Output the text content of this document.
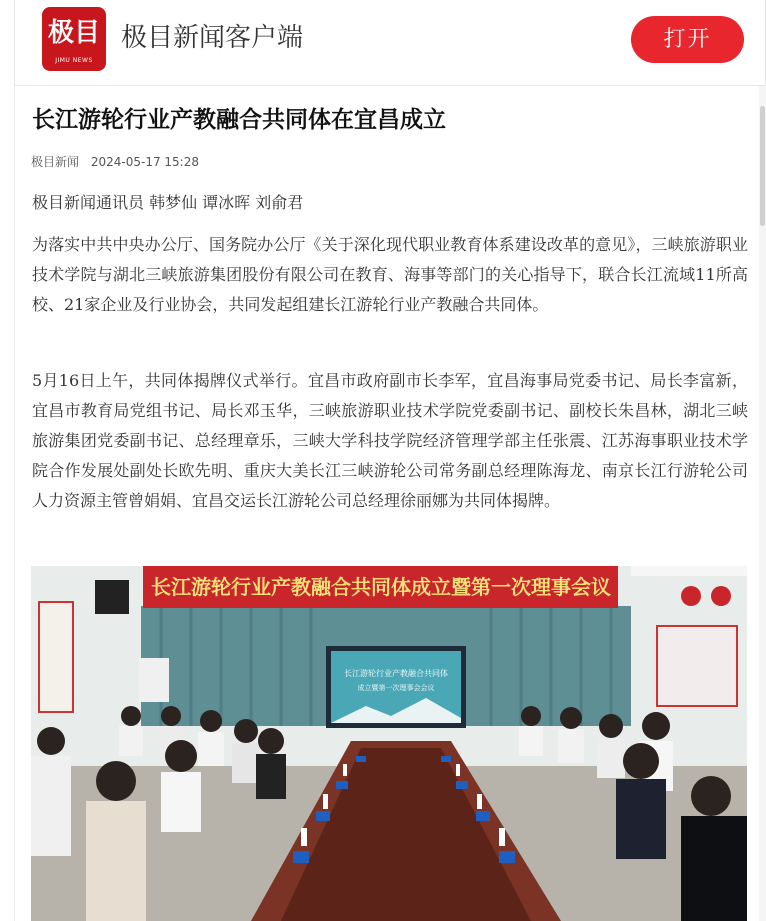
极目
JIMU NEWS
极目新闻客户端	打开
长江游轮行业产教融合共同体在宜昌成立
极目新闻 2024-05-17 15:28
极目新闻通讯员 韩梦仙 谭冰晖 刘俞君

为落实中共中央办公厅、国务院办公厅《关于深化现代职业教育体系建设改革的意见》，三峡旅游职业技术学院与湖北三峡旅游集团股份有限公司在教育、海事等部门的关心指导下，联合长江流域11所高校、21家企业及行业协会，共同发起组建长江游轮行业产教融合共同体。

5月16日上午，共同体揭牌仪式举行。宜昌市政府副市长李军，宜昌海事局党委书记、局长李富新，宜昌市教育局党组书记、局长邓玉华，三峡旅游职业技术学院党委副书记、副校长朱昌林，湖北三峡旅游集团党委副书记、总经理章乐，三峡大学科技学院经济管理学部主任张震、江苏海事职业技术学院合作发展处副处长欧先明、重庆大美长江三峡游轮公司常务副总经理陈海龙、南京长江行游轮公司人力资源主管曾娟娟、宜昌交运长江游轮公司总经理徐丽娜为共同体揭牌。

长江游轮行业产教融合共同体成立暨第一次理事会议
长江游轮行业产教融合共同体
成立暨第一次理事会会议
